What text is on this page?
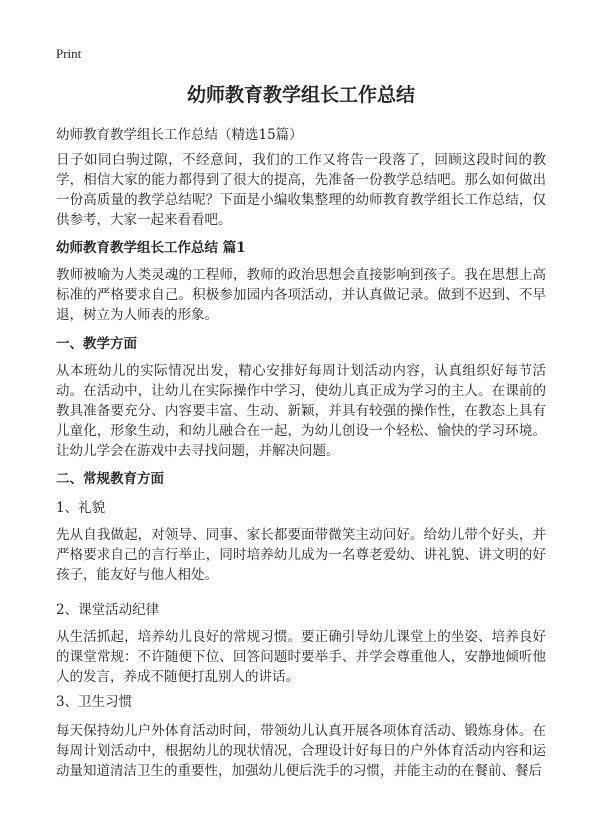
Print
幼师教育教学组长工作总结
幼师教育教学组长工作总结（精选15篇）

日子如同白驹过隙，不经意间，我们的工作又将告一段落了，回顾这段时间的教学，相信大家的能力都得到了很大的提高，先准备一份教学总结吧。那么如何做出一份高质量的教学总结呢？下面是小编收集整理的幼师教育教学组长工作总结，仅供参考，大家一起来看看吧。

幼师教育教学组长工作总结 篇1

教师被喻为人类灵魂的工程师，教师的政治思想会直接影响到孩子。我在思想上高标准的严格要求自己。积极参加园内各项活动，并认真做记录。做到不迟到、不早退，树立为人师表的形象。

一、教学方面

从本班幼儿的实际情况出发，精心安排好每周计划活动内容，认真组织好每节活动。在活动中，让幼儿在实际操作中学习，使幼儿真正成为学习的主人。在课前的教具准备要充分、内容要丰富、生动、新颖，并具有较强的操作性，在教态上具有儿童化，形象生动，和幼儿融合在一起，为幼儿创设一个轻松、愉快的学习环境。让幼儿学会在游戏中去寻找问题，并解决问题。

二、常规教育方面
1、礼貌

先从自我做起，对领导、同事、家长都要面带微笑主动问好。给幼儿带个好头，并严格要求自己的言行举止，同时培养幼儿成为一名尊老爱幼、讲礼貌、讲文明的好孩子，能友好与他人相处。

2、课堂活动纪律

从生活抓起，培养幼儿良好的常规习惯。要正确引导幼儿课堂上的坐姿、培养良好的课堂常规：不许随便下位、回答问题时要举手、并学会尊重他人，安静地倾听他人的发言，养成不随便打乱别人的讲话。

3、卫生习惯

每天保持幼儿户外体育活动时间，带领幼儿认真开展各项体育活动、锻炼身体。在每周计划活动中，根据幼儿的现状情况，合理设计好每日的户外体育活动内容和运动量知道清洁卫生的重要性，加强幼儿便后洗手的习惯，并能主动的在餐前、餐后
